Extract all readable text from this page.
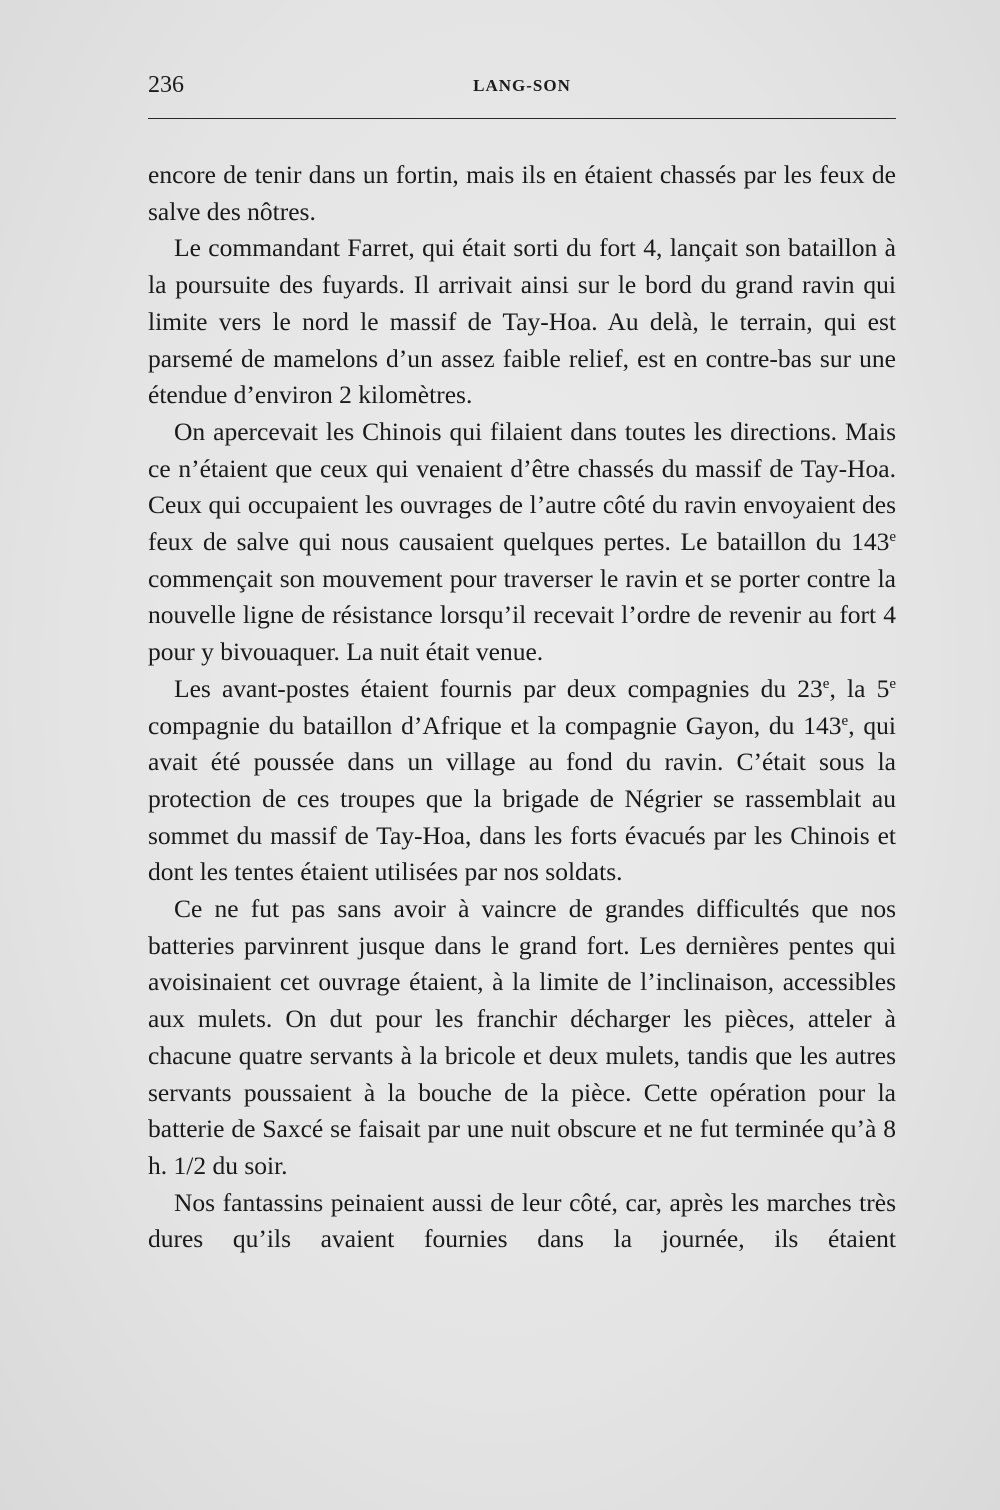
236	LANG-SON

encore de tenir dans un fortin, mais ils en étaient chassés par les feux de salve des nôtres.

Le commandant Farret, qui était sorti du fort 4, lançait son bataillon à la poursuite des fuyards. Il arrivait ainsi sur le bord du grand ravin qui limite vers le nord le massif de Tay-Hoa. Au delà, le terrain, qui est parsemé de mamelons d’un assez faible relief, est en contre-bas sur une étendue d’environ 2 kilomètres.

On apercevait les Chinois qui filaient dans toutes les directions. Mais ce n’étaient que ceux qui venaient d’être chassés du massif de Tay-Hoa. Ceux qui occupaient les ouvrages de l’autre côté du ravin envoyaient des feux de salve qui nous causaient quelques pertes. Le bataillon du 143e commençait son mouvement pour traverser le ravin et se porter contre la nouvelle ligne de résistance lorsqu’il recevait l’ordre de revenir au fort 4 pour y bivouaquer. La nuit était venue.

Les avant-postes étaient fournis par deux compagnies du 23e, la 5e compagnie du bataillon d’Afrique et la compagnie Gayon, du 143e, qui avait été poussée dans un village au fond du ravin. C’était sous la protection de ces troupes que la brigade de Négrier se rassemblait au sommet du massif de Tay-Hoa, dans les forts évacués par les Chinois et dont les tentes étaient utilisées par nos soldats.

Ce ne fut pas sans avoir à vaincre de grandes difficultés que nos batteries parvinrent jusque dans le grand fort. Les dernières pentes qui avoisinaient cet ouvrage étaient, à la limite de l’inclinaison, accessibles aux mulets. On dut pour les franchir décharger les pièces, atteler à chacune quatre servants à la bricole et deux mulets, tandis que les autres servants poussaient à la bouche de la pièce. Cette opération pour la batterie de Saxcé se faisait par une nuit obscure et ne fut terminée qu’à 8 h. 1/2 du soir.

Nos fantassins peinaient aussi de leur côté, car, après les marches très dures qu’ils avaient fournies dans la journée, ils étaient
